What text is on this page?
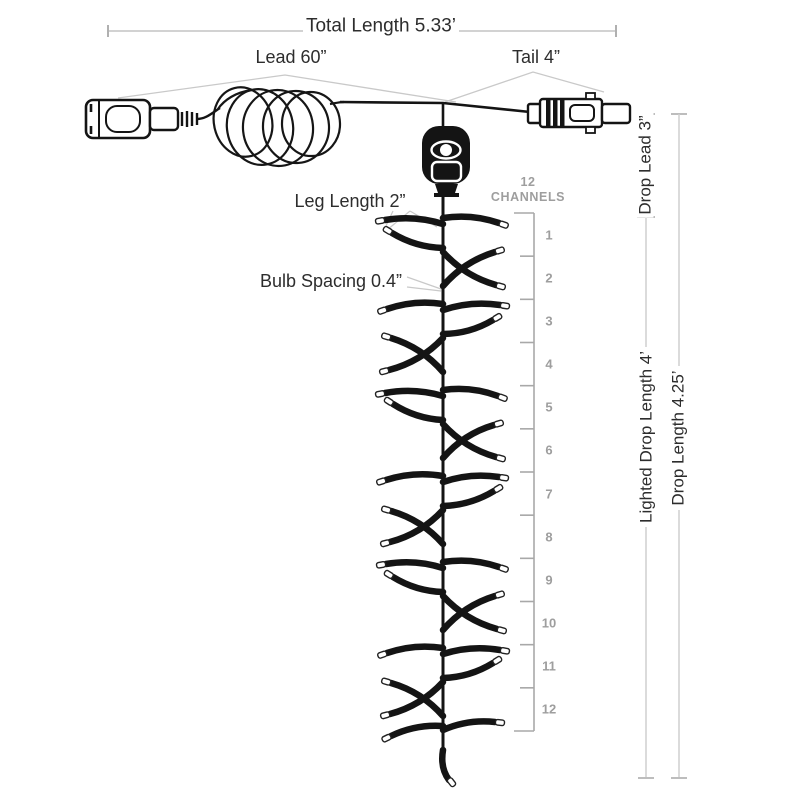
Total Length 5.33’
Lead 60”	Tail 4”
Leg Length 2”
Bulb Spacing 0.4”
Drop Lead 3”
Lighted Drop Length 4’ Drop Length 4.25’
12
CHANNELS
1
2
3
4
5
6
7
8
9
10
11
12
